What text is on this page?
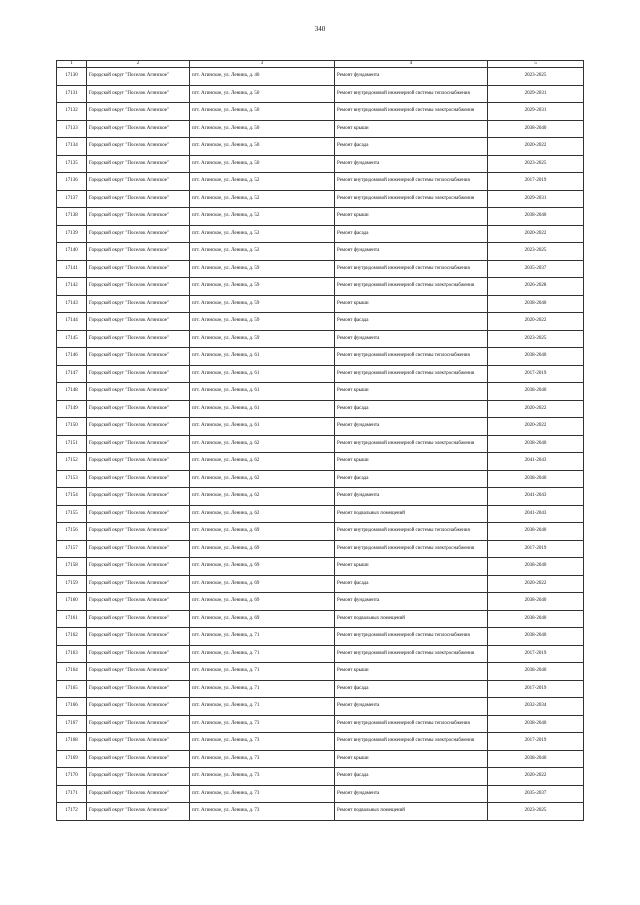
340
1	2	3	4	5
17130	Городской округ "Поселок Агинское"	пгт. Агинское, ул. Ленина, д. 46	Ремонт фундамента	2023-2025
17131	Городской округ "Поселок Агинское"	пгт. Агинское, ул. Ленина, д. 50	Ремонт внутридомовой инженерной системы теплоснабжения	2029-2031
17132	Городской округ "Поселок Агинское"	пгт. Агинское, ул. Ленина, д. 50	Ремонт внутридомовой инженерной системы электроснабжения	2029-2031
17133	Городской округ "Поселок Агинское"	пгт. Агинское, ул. Ленина, д. 50	Ремонт крыши	2038-2040
17134	Городской округ "Поселок Агинское"	пгт. Агинское, ул. Ленина, д. 50	Ремонт фасада	2020-2022
17135	Городской округ "Поселок Агинское"	пгт. Агинское, ул. Ленина, д. 50	Ремонт фундамента	2023-2025
17136	Городской округ "Поселок Агинское"	пгт. Агинское, ул. Ленина, д. 52	Ремонт внутридомовой инженерной системы теплоснабжения	2017-2019
17137	Городской округ "Поселок Агинское"	пгт. Агинское, ул. Ленина, д. 52	Ремонт внутридомовой инженерной системы электроснабжения	2029-2031
17138	Городской округ "Поселок Агинское"	пгт. Агинское, ул. Ленина, д. 52	Ремонт крыши	2038-2040
17139	Городской округ "Поселок Агинское"	пгт. Агинское, ул. Ленина, д. 52	Ремонт фасада	2020-2022
17140	Городской округ "Поселок Агинское"	пгт. Агинское, ул. Ленина, д. 52	Ремонт фундамента	2023-2025
17141	Городской округ "Поселок Агинское"	пгт. Агинское, ул. Ленина, д. 59	Ремонт внутридомовой инженерной системы теплоснабжения	2035-2037
17142	Городской округ "Поселок Агинское"	пгт. Агинское, ул. Ленина, д. 59	Ремонт внутридомовой инженерной системы электроснабжения	2026-2028
17143	Городской округ "Поселок Агинское"	пгт. Агинское, ул. Ленина, д. 59	Ремонт крыши	2038-2040
17144	Городской округ "Поселок Агинское"	пгт. Агинское, ул. Ленина, д. 59	Ремонт фасада	2020-2022
17145	Городской округ "Поселок Агинское"	пгт. Агинское, ул. Ленина, д. 59	Ремонт фундамента	2023-2025
17146	Городской округ "Поселок Агинское"	пгт. Агинское, ул. Ленина, д. 61	Ремонт внутридомовой инженерной системы теплоснабжения	2038-2040
17147	Городской округ "Поселок Агинское"	пгт. Агинское, ул. Ленина, д. 61	Ремонт внутридомовой инженерной системы электроснабжения	2017-2019
17148	Городской округ "Поселок Агинское"	пгт. Агинское, ул. Ленина, д. 61	Ремонт крыши	2038-2040
17149	Городской округ "Поселок Агинское"	пгт. Агинское, ул. Ленина, д. 61	Ремонт фасада	2020-2022
17150	Городской округ "Поселок Агинское"	пгт. Агинское, ул. Ленина, д. 61	Ремонт фундамента	2020-2022
17151	Городской округ "Поселок Агинское"	пгт. Агинское, ул. Ленина, д. 62	Ремонт внутридомовой инженерной системы электроснабжения	2038-2040
17152	Городской округ "Поселок Агинское"	пгт. Агинское, ул. Ленина, д. 62	Ремонт крыши	2041-2043
17153	Городской округ "Поселок Агинское"	пгт. Агинское, ул. Ленина, д. 62	Ремонт фасада	2038-2040
17154	Городской округ "Поселок Агинское"	пгт. Агинское, ул. Ленина, д. 62	Ремонт фундамента	2041-2043
17155	Городской округ "Поселок Агинское"	пгт. Агинское, ул. Ленина, д. 62	Ремонт подвальных помещений	2041-2043
17156	Городской округ "Поселок Агинское"	пгт. Агинское, ул. Ленина, д. 69	Ремонт внутридомовой инженерной системы теплоснабжения	2038-2040
17157	Городской округ "Поселок Агинское"	пгт. Агинское, ул. Ленина, д. 69	Ремонт внутридомовой инженерной системы электроснабжения	2017-2019
17158	Городской округ "Поселок Агинское"	пгт. Агинское, ул. Ленина, д. 69	Ремонт крыши	2038-2040
17159	Городской округ "Поселок Агинское"	пгт. Агинское, ул. Ленина, д. 69	Ремонт фасада	2020-2022
17160	Городской округ "Поселок Агинское"	пгт. Агинское, ул. Ленина, д. 69	Ремонт фундамента	2038-2040
17161	Городской округ "Поселок Агинское"	пгт. Агинское, ул. Ленина, д. 69	Ремонт подвальных помещений	2038-2040
17162	Городской округ "Поселок Агинское"	пгт. Агинское, ул. Ленина, д. 71	Ремонт внутридомовой инженерной системы теплоснабжения	2038-2040
17163	Городской округ "Поселок Агинское"	пгт. Агинское, ул. Ленина, д. 71	Ремонт внутридомовой инженерной системы электроснабжения	2017-2019
17164	Городской округ "Поселок Агинское"	пгт. Агинское, ул. Ленина, д. 71	Ремонт крыши	2038-2040
17165	Городской округ "Поселок Агинское"	пгт. Агинское, ул. Ленина, д. 71	Ремонт фасада	2017-2019
17166	Городской округ "Поселок Агинское"	пгт. Агинское, ул. Ленина, д. 71	Ремонт фундамента	2032-2034
17167	Городской округ "Поселок Агинское"	пгт. Агинское, ул. Ленина, д. 73	Ремонт внутридомовой инженерной системы теплоснабжения	2038-2040
17168	Городской округ "Поселок Агинское"	пгт. Агинское, ул. Ленина, д. 73	Ремонт внутридомовой инженерной системы электроснабжения	2017-2019
17169	Городской округ "Поселок Агинское"	пгт. Агинское, ул. Ленина, д. 73	Ремонт крыши	2038-2040
17170	Городской округ "Поселок Агинское"	пгт. Агинское, ул. Ленина, д. 73	Ремонт фасада	2020-2022
17171	Городской округ "Поселок Агинское"	пгт. Агинское, ул. Ленина, д. 73	Ремонт фундамента	2035-2037
17172	Городской округ "Поселок Агинское"	пгт. Агинское, ул. Ленина, д. 73	Ремонт подвальных помещений	2023-2025
